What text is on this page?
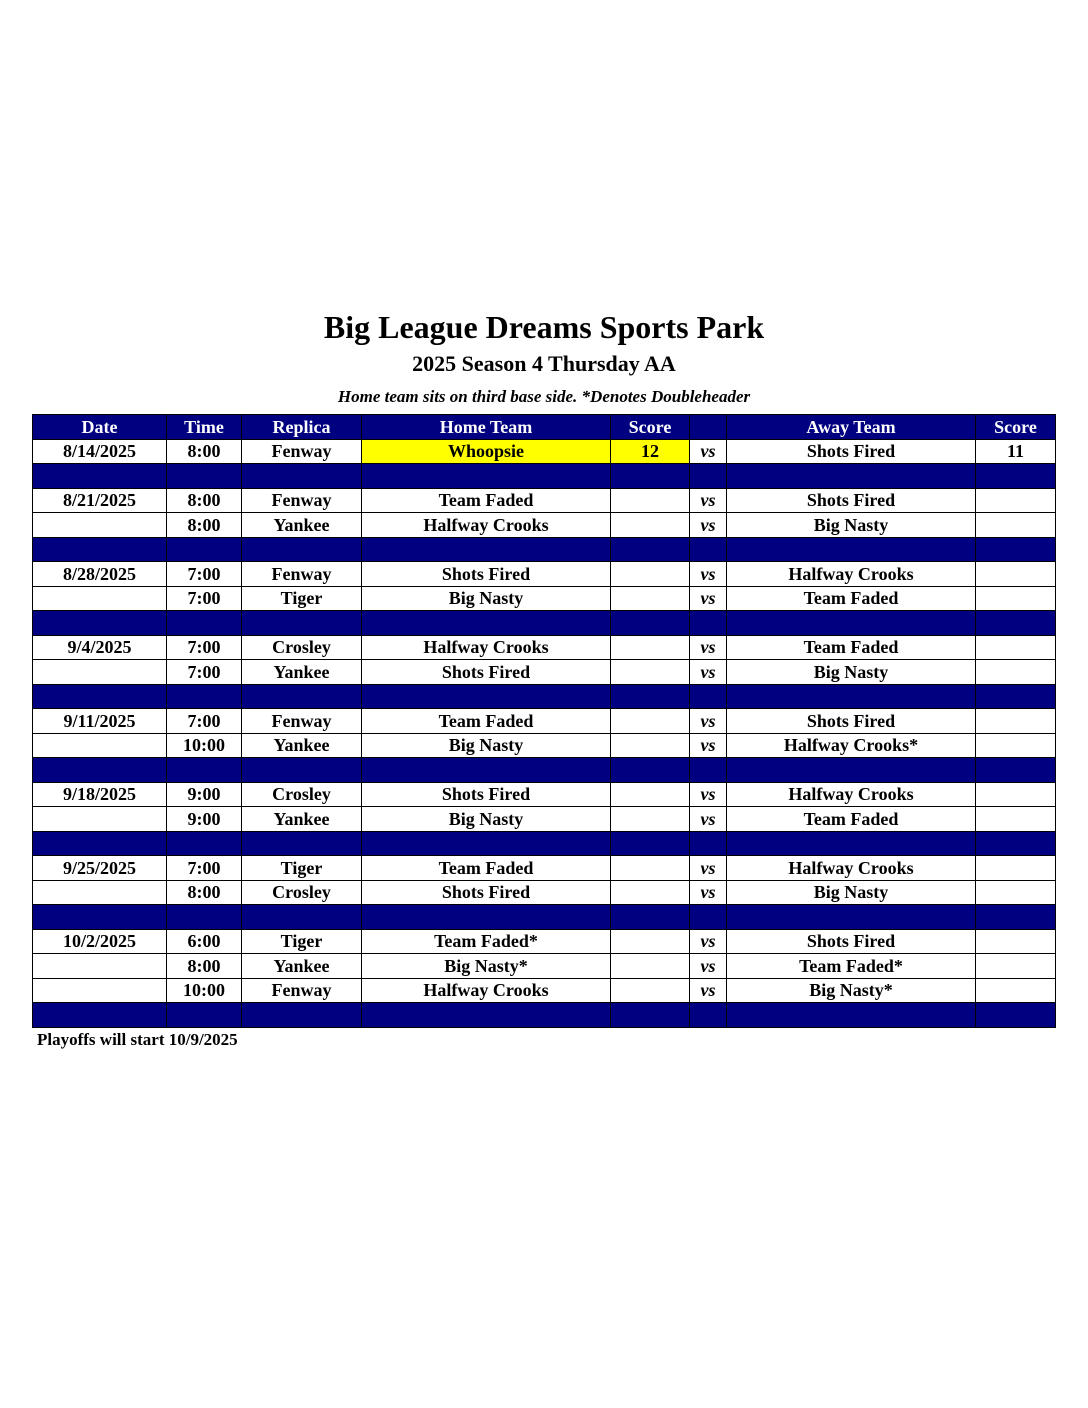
Big League Dreams Sports Park
2025 Season 4 Thursday AA
Home team sits on third base side. *Denotes Doubleheader
Date	Time	Replica	Home Team	Score		Away Team	Score
8/14/2025	8:00	Fenway	Whoopsie	12	vs	Shots Fired	11

8/21/2025	8:00	Fenway	Team Faded		vs	Shots Fired	
	8:00	Yankee	Halfway Crooks		vs	Big Nasty	

8/28/2025	7:00	Fenway	Shots Fired		vs	Halfway Crooks	
	7:00	Tiger	Big Nasty		vs	Team Faded	

9/4/2025	7:00	Crosley	Halfway Crooks		vs	Team Faded	
	7:00	Yankee	Shots Fired		vs	Big Nasty	

9/11/2025	7:00	Fenway	Team Faded		vs	Shots Fired	
	10:00	Yankee	Big Nasty		vs	Halfway Crooks*	

9/18/2025	9:00	Crosley	Shots Fired		vs	Halfway Crooks	
	9:00	Yankee	Big Nasty		vs	Team Faded	

9/25/2025	7:00	Tiger	Team Faded		vs	Halfway Crooks	
	8:00	Crosley	Shots Fired		vs	Big Nasty	

10/2/2025	6:00	Tiger	Team Faded*		vs	Shots Fired	
	8:00	Yankee	Big Nasty*		vs	Team Faded*	
	10:00	Fenway	Halfway Crooks		vs	Big Nasty*	

Playoffs will start 10/9/2025
